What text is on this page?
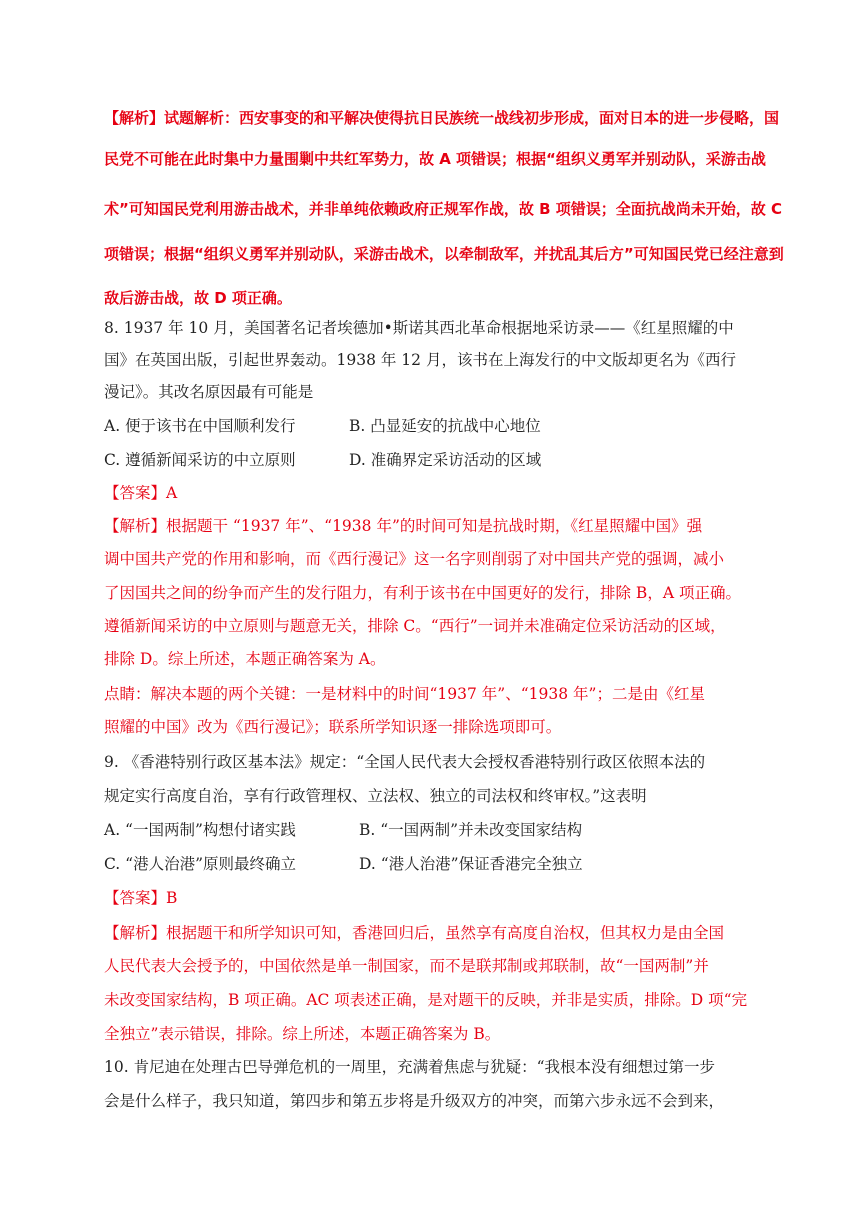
【解析】试题解析：西安事变的和平解决使得抗日民族统一战线初步形成，面对日本的进一步侵略，国
民党不可能在此时集中力量围剿中共红军势力，故 A 项错误；根据“组织义勇军并别动队，采游击战
术”可知国民党利用游击战术，并非单纯依赖政府正规军作战，故 B 项错误；全面抗战尚未开始，故 C
项错误；根据“组织义勇军并别动队，采游击战术，以牵制敌军，并扰乱其后方”可知国民党已经注意到
敌后游击战，故 D 项正确。
8. 1937 年 10 月，美国著名记者埃德加•斯诺其西北革命根据地采访录——《红星照耀的中
国》在英国出版，引起世界轰动。1938 年 12 月，该书在上海发行的中文版却更名为《西行
漫记》。其改名原因最有可能是
A. 便于该书在中国顺利发行	B. 凸显延安的抗战中心地位
C. 遵循新闻采访的中立原则	D. 准确界定采访活动的区域
【答案】A
【解析】根据题干 “1937 年”、“1938 年”的时间可知是抗战时期，《红星照耀中国》强
调中国共产党的作用和影响，而《西行漫记》这一名字则削弱了对中国共产党的强调，减小
了因国共之间的纷争而产生的发行阻力，有利于该书在中国更好的发行，排除 B，A 项正确。
遵循新闻采访的中立原则与题意无关，排除 C。“西行”一词并未准确定位采访活动的区域，
排除 D。综上所述，本题正确答案为 A。
点睛：解决本题的两个关键：一是材料中的时间“1937 年”、“1938 年”；二是由《红星
照耀的中国》改为《西行漫记》；联系所学知识逐一排除选项即可。
9. 《香港特别行政区基本法》规定：“全国人民代表大会授权香港特别行政区依照本法的
规定实行高度自治，享有行政管理权、立法权、独立的司法权和终审权。”这表明
A. “一国两制”构想付诸实践	B. “一国两制”并未改变国家结构
C. “港人治港”原则最终确立	D. “港人治港”保证香港完全独立
【答案】B
【解析】根据题干和所学知识可知，香港回归后，虽然享有高度自治权，但其权力是由全国
人民代表大会授予的，中国依然是单一制国家，而不是联邦制或邦联制，故“一国两制”并
未改变国家结构，B 项正确。AC 项表述正确，是对题干的反映，并非是实质，排除。D 项“完
全独立”表示错误，排除。综上所述，本题正确答案为 B。
10. 肯尼迪在处理古巴导弹危机的一周里，充满着焦虑与犹疑：“我根本没有细想过第一步
会是什么样子，我只知道，第四步和第五步将是升级双方的冲突，而第六步永远不会到来，
